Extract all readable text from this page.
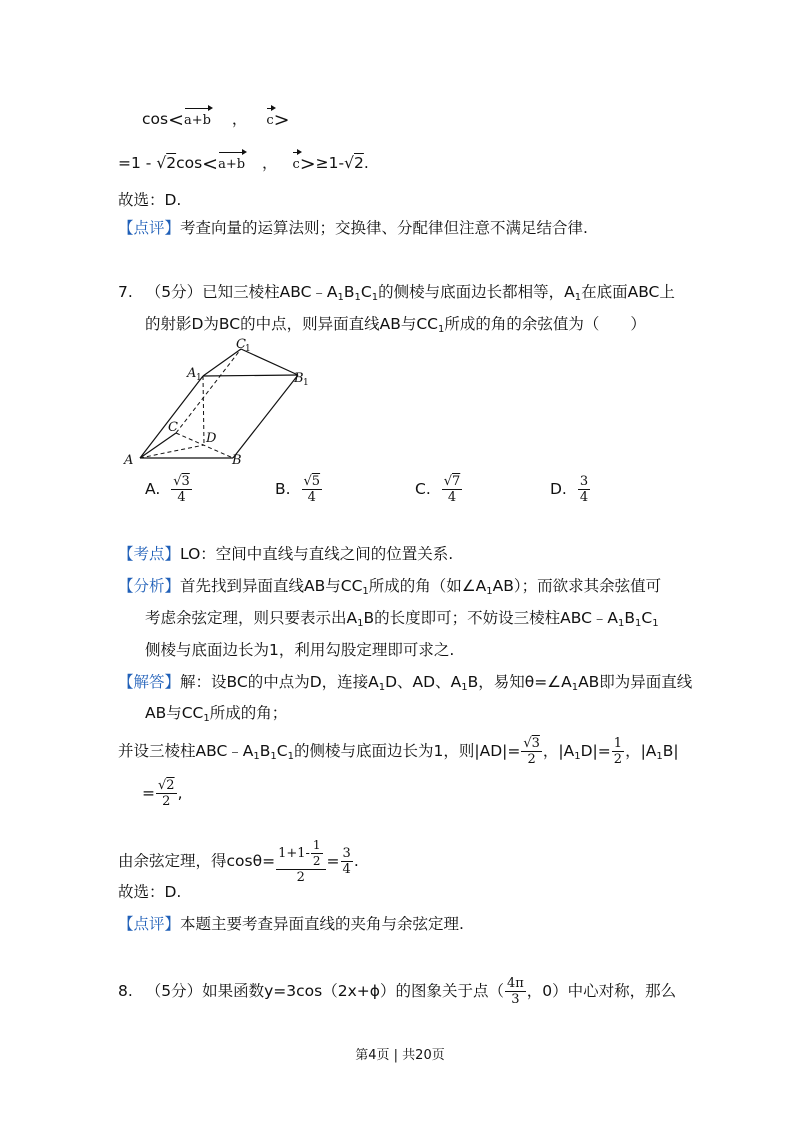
cos<a+b ， c>
=1 - √2cos<a+b ， c>≥1-√2.
故选：D.
【点评】考查向量的运算法则；交换律、分配律但注意不满足结合律.
7. （5分）已知三棱柱$ABC﹣A_1B_1C_1$的侧棱与底面边长都相等，$A_1$在底面ABC上
的射影D为BC的中点，则异面直线AB与$CC_1$所成的角的余弦值为（　　）
A	B
C
D
A 1	B 1
C 1
A. $\frac{√3}{4}$	B. $\frac{√5}{4}$	C. $\frac{√7}{4}$	D. $\frac{3}{4}$
【考点】LO：空间中直线与直线之间的位置关系.
【分析】首先找到异面直线AB与$CC_1$所成的角（如$\angle A_1AB$）；而欲求其余弦值可
考虑余弦定理，则只要表示出$A_1B$的长度即可；不妨设三棱柱$ABC﹣A_1B_1C_1$
侧棱与底面边长为1，利用勾股定理即可求之.
【解答】解：设BC的中点为D，连接$A_1D$、AD、$A_1B$，易知$\theta=\angle A_1AB$即为异面直线
AB与$CC_1$所成的角；
并设三棱柱$ABC﹣A_1B_1C_1$的侧棱与底面边长为1，则$|AD|= \frac{√3}{2}$ ，$|A_1D|= \frac{1}{2}$ ，$|A_1B|$
= $\frac{√2}{2}$ ,
由余弦定理，得$\cos\theta= \frac{1+1- \frac{1}{2}}{2} = \frac{3}{4}$ .
故选：D.
【点评】本题主要考查异面直线的夹角与余弦定理.
8. （5分）如果函数y=3cos（2x+ϕ）的图象关于点（ $\frac{4\pi}{3}$ ，0）中心对称，那么
第4页 | 共20页
